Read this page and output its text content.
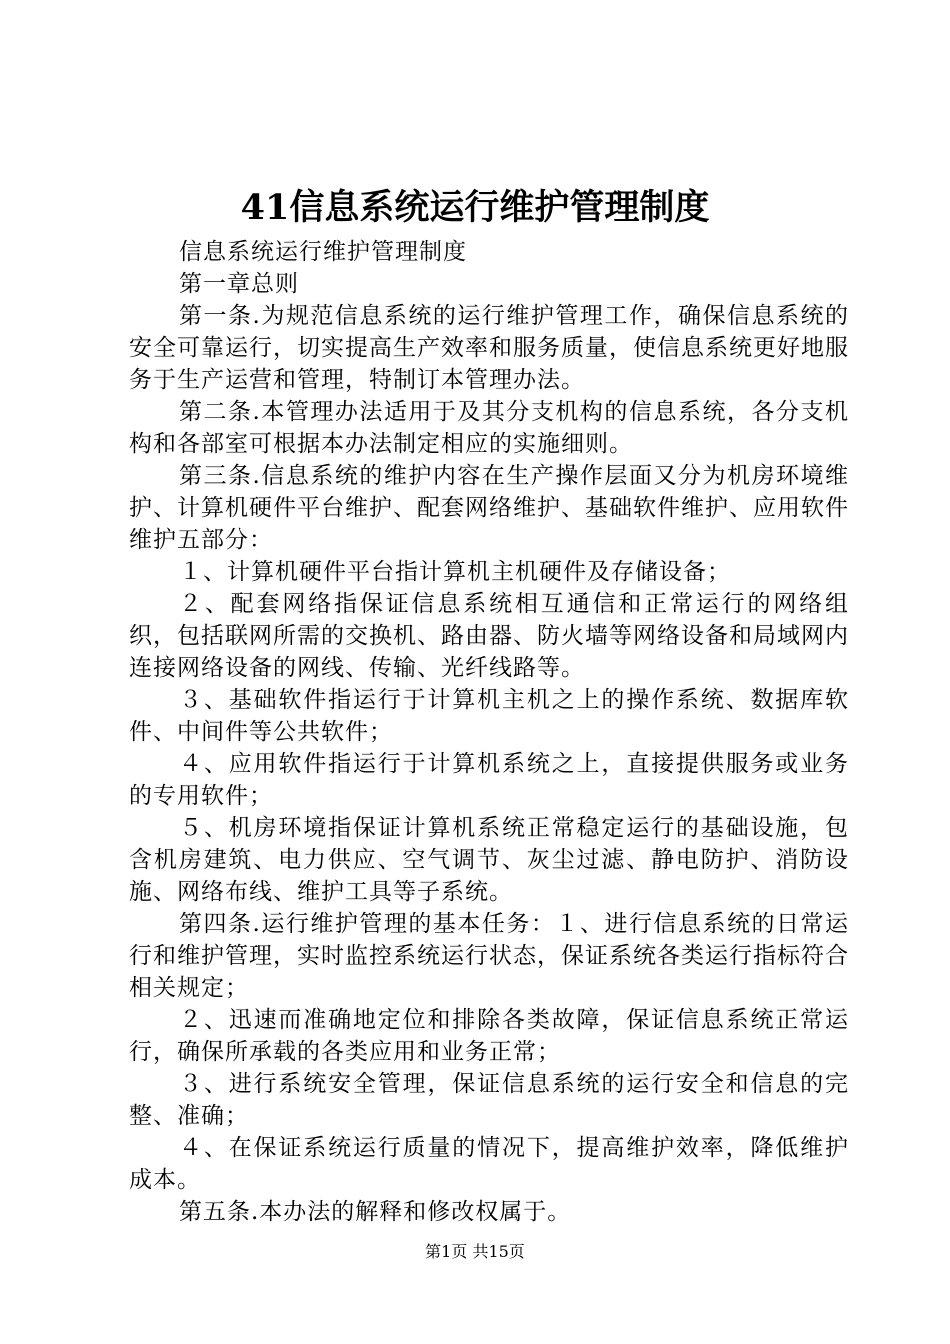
41信息系统运行维护管理制度

信息系统运行维护管理制度

第一章总则

第一条.为规范信息系统的运行维护管理工作，确保信息系统的安全可靠运行，切实提高生产效率和服务质量，使信息系统更好地服务于生产运营和管理，特制订本管理办法。

第二条.本管理办法适用于及其分支机构的信息系统，各分支机构和各部室可根据本办法制定相应的实施细则。

第三条.信息系统的维护内容在生产操作层面又分为机房环境维护、计算机硬件平台维护、配套网络维护、基础软件维护、应用软件维护五部分：

１、计算机硬件平台指计算机主机硬件及存储设备；

２、配套网络指保证信息系统相互通信和正常运行的网络组织，包括联网所需的交换机、路由器、防火墙等网络设备和局域网内连接网络设备的网线、传输、光纤线路等。

３、基础软件指运行于计算机主机之上的操作系统、数据库软件、中间件等公共软件；

４、应用软件指运行于计算机系统之上，直接提供服务或业务的专用软件；

５、机房环境指保证计算机系统正常稳定运行的基础设施，包含机房建筑、电力供应、空气调节、灰尘过滤、静电防护、消防设施、网络布线、维护工具等子系统。

第四条.运行维护管理的基本任务：１、进行信息系统的日常运行和维护管理，实时监控系统运行状态，保证系统各类运行指标符合相关规定；

２、迅速而准确地定位和排除各类故障，保证信息系统正常运行，确保所承载的各类应用和业务正常；

３、进行系统安全管理，保证信息系统的运行安全和信息的完整、准确；

４、在保证系统运行质量的情况下，提高维护效率，降低维护成本。

第五条.本办法的解释和修改权属于。

第1页 共15页
